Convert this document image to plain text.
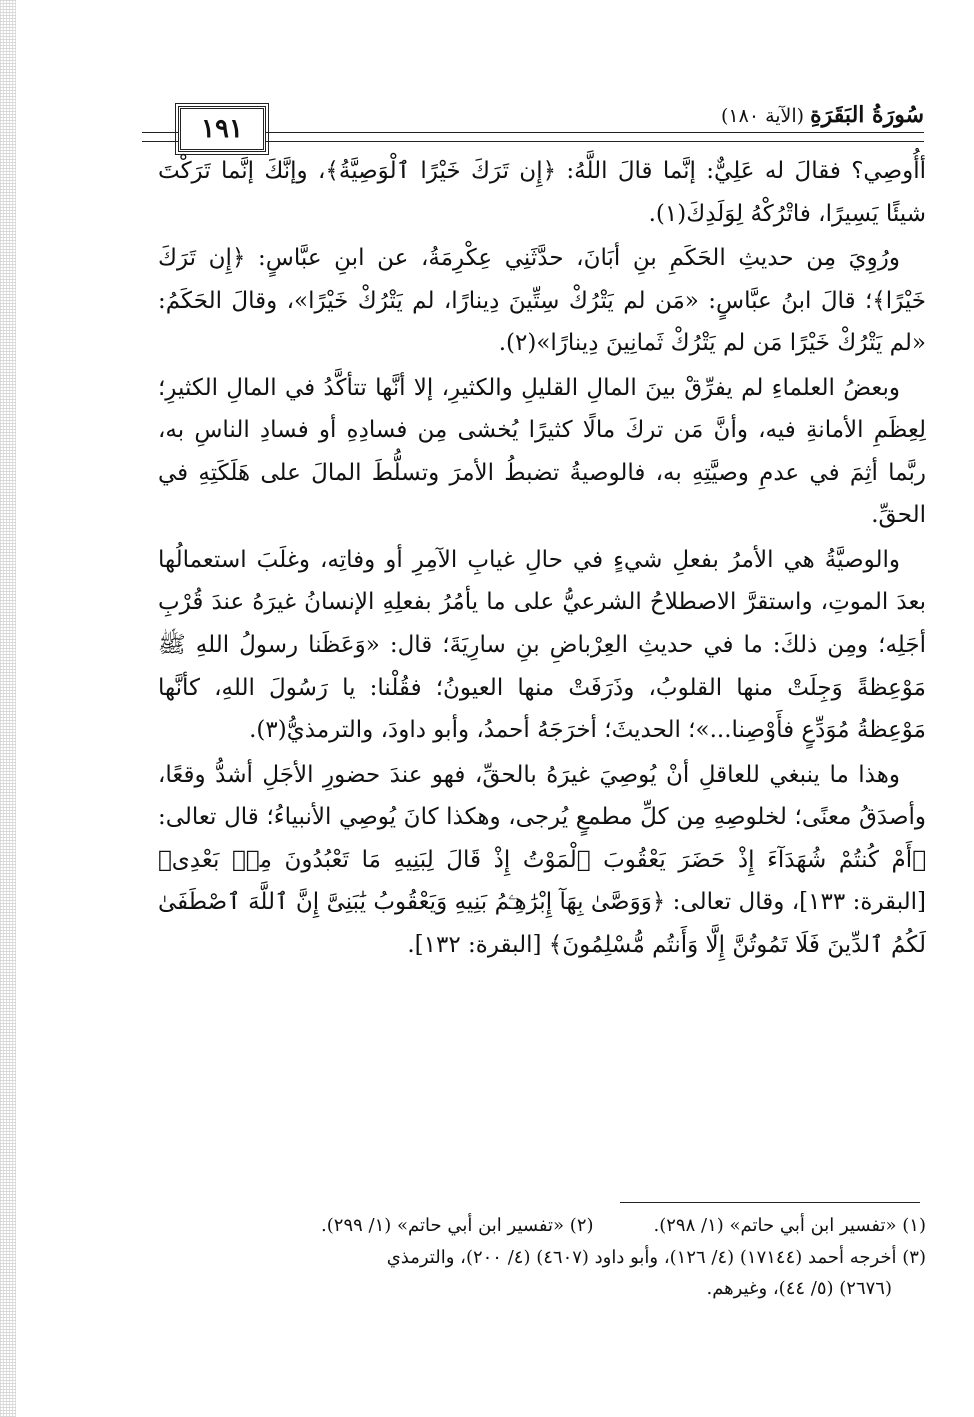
١٩١	سُورَةُ البَقَرَةِ (الآية ١٨٠)

أأُوصِي؟ فقالَ له عَلِيٌّ: إنَّما قالَ اللَّهُ: ﴿إِن تَرَكَ خَيْرًا ٱلْوَصِيَّةُ﴾، وإنَّكَ إنَّما تَرَكْتَ شيئًا يَسِيرًا، فاتْرُكْهُ لِوَلَدِكَ(١).

ورُوِيَ مِن حديثِ الحَكَمِ بنِ أبَانَ، حدَّثَنِي عِكْرِمَةُ، عن ابنِ عبَّاسٍ: ﴿إِن تَرَكَ خَيْرًا﴾؛ قالَ ابنُ عبَّاسٍ: «مَن لم يَتْرُكْ سِتِّينَ دِينارًا، لم يَتْرُكْ خَيْرًا»، وقالَ الحَكَمُ: «لم يَتْرُكْ خَيْرًا مَن لم يَتْرُكْ ثَمانِينَ دِينارًا»(٢).

وبعضُ العلماءِ لم يفرِّقْ بينَ المالِ القليلِ والكثيرِ، إلا أنَّها تتأكَّدُ في المالِ الكثيرِ؛ لِعِظَمِ الأمانةِ فيه، وأنَّ مَن تركَ مالًا كثيرًا يُخشى مِن فسادِهِ أو فسادِ الناسِ به، ربَّما أثِمَ في عدمِ وصيَّتِهِ به، فالوصيةُ تضبطُ الأمرَ وتسلُّطَ المالَ على هَلَكَتِهِ في الحقِّ.

والوصيَّةُ هي الأمرُ بفعلِ شيءٍ في حالِ غيابِ الآمِرِ أو وفاتِه، وغلَبَ استعمالُها بعدَ الموتِ، واستقرَّ الاصطلاحُ الشرعيُّ على ما يأمُرُ بفعلِهِ الإنسانُ غيرَهُ عندَ قُرْبِ أجَلِه؛ ومِن ذلكَ: ما في حديثِ العِرْباضِ بنِ سارِيَةَ؛ قال: «وَعَظَنا رسولُ اللهِ ﷺ مَوْعِظةً وَجِلَتْ منها القلوبُ، وذَرَفَتْ منها العيونُ؛ فقُلْنا: يا رَسُولَ اللهِ، كأنَّها مَوْعِظةُ مُوَدِّعٍ فأَوْصِنا...»؛ الحديثَ؛ أخرَجَهُ أحمدُ، وأبو داودَ، والترمذيُّ(٣).

وهذا ما ينبغي للعاقلِ أنْ يُوصِيَ غيرَهُ بالحقِّ، فهو عندَ حضورِ الأجَلِ أشدُّ وقعًا، وأصدَقُ معنًى؛ لخلوصِهِ مِن كلِّ مطمعٍ يُرجى، وهكذا كانَ يُوصِي الأنبياءُ؛ قال تعالى: ﴿أَمْ كُنتُمْ شُهَدَآءَ إِذْ حَضَرَ يَعْقُوبَ ٱلْمَوْتُ إِذْ قَالَ لِبَنِيهِ مَا تَعْبُدُونَ مِنۢ بَعْدِى﴾ [البقرة: ١٣٣]، وقال تعالى: ﴿وَوَصَّىٰ بِهَآ إِبْرَٰهِـۧمُ بَنِيهِ وَيَعْقُوبُ يَٰبَنِىَّ إِنَّ ٱللَّهَ ٱصْطَفَىٰ لَكُمُ ٱلدِّينَ فَلَا تَمُوتُنَّ إِلَّا وَأَنتُم مُّسْلِمُونَ﴾ [البقرة: ١٣٢].

(١) «تفسير ابن أبي حاتم» (١/ ٢٩٨).
(٢) «تفسير ابن أبي حاتم» (١/ ٢٩٩).
(٣) أخرجه أحمد (١٧١٤٤) (٤/ ١٢٦)، وأبو داود (٤٦٠٧) (٤/ ٢٠٠)، والترمذي
(٢٦٧٦) (٥/ ٤٤)، وغيرهم.
